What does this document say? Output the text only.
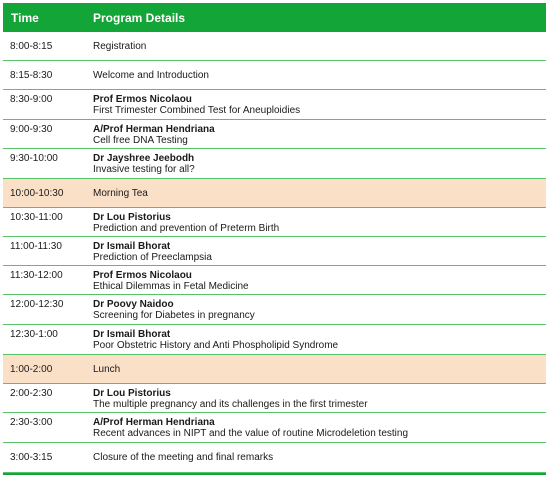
Time	Program Details
8:00-8:15	Registration
8:15-8:30	Welcome and Introduction
8:30-9:00	Prof Ermos Nicolaou
First Trimester Combined Test for Aneuploidies
9:00-9:30	A/Prof Herman Hendriana
Cell free DNA Testing
9:30-10:00	Dr Jayshree Jeebodh
Invasive testing for all?
10:00-10:30	Morning Tea
10:30-11:00	Dr Lou Pistorius
Prediction and prevention of Preterm Birth
11:00-11:30	Dr Ismail Bhorat
Prediction of Preeclampsia
11:30-12:00	Prof Ermos Nicolaou
Ethical Dilemmas in Fetal Medicine
12:00-12:30	Dr Poovy Naidoo
Screening for Diabetes in pregnancy
12:30-1:00	Dr Ismail Bhorat
Poor Obstetric History and Anti Phospholipid Syndrome
1:00-2:00	Lunch
2:00-2:30	Dr Lou Pistorius
The multiple pregnancy and its challenges in the first trimester
2:30-3:00	A/Prof Herman Hendriana
Recent advances in NIPT and the value of routine Microdeletion testing
3:00-3:15	Closure of the meeting and final remarks
